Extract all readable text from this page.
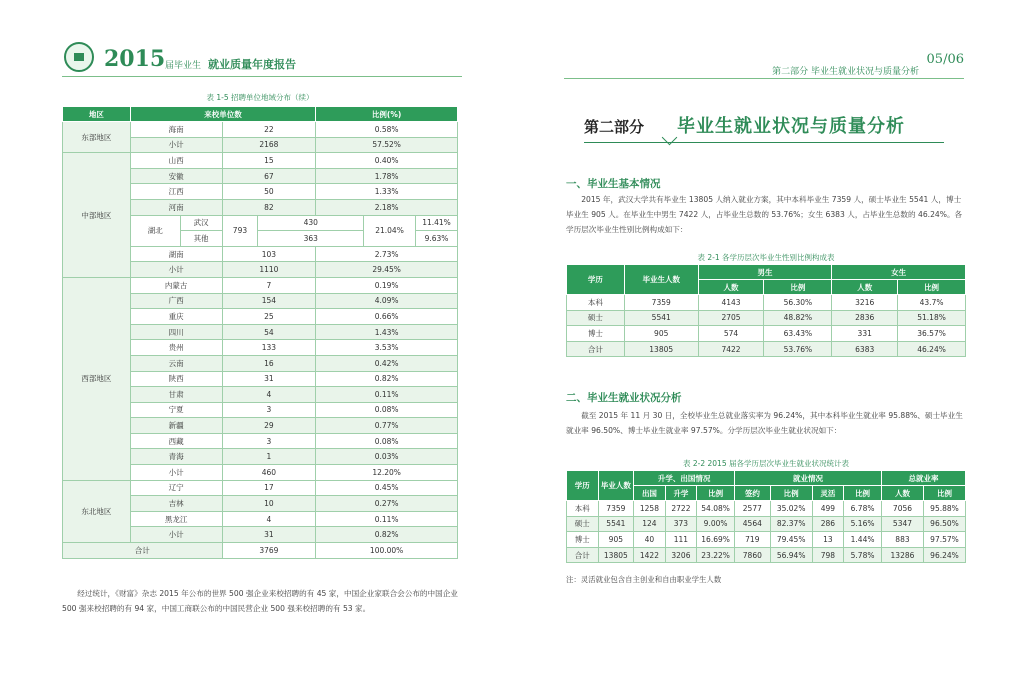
2015 届毕业生 就业质量年度报告
表 1-5 招聘单位地域分布（续）
地区	来校单位数				比例(%)		
东部地区	海南		22		0.58%		
	小计		2168		57.52%		
中部地区	山西		15		0.40%		
	安徽		67		1.78%		
	江西		50		1.33%		
	河南		82		2.18%		
	湖北	武汉	793	430		21.04%	11.41%
		其他		363			9.63%
	湖南		103		2.73%		
	小计		1110		29.45%		
西部地区	内蒙古		7		0.19%		
	广西		154		4.09%		
	重庆		25		0.66%		
	四川		54		1.43%		
	贵州		133		3.53%		
	云南		16		0.42%		
	陕西		31		0.82%		
	甘肃		4		0.11%		
	宁夏		3		0.08%		
	新疆		29		0.77%		
	西藏		3		0.08%		
	青海		1		0.03%		
	小计		460		12.20%		
东北地区	辽宁		17		0.45%		
	吉林		10		0.27%		
	黑龙江		4		0.11%		
	小计		31		0.82%		
合计			3769		100.00%		
经过统计，《财富》杂志 2015 年公布的世界 500 强企业来校招聘的有 45 家，中国企业家联合会公布的中国企业 500 强来校招聘的有 94 家，中国工商联公布的中国民营企业 500 强来校招聘的有 53 家。
第二部分 毕业生就业状况与质量分析
05/06
第二部分 毕业生就业状况与质量分析
一、毕业生基本情况
2015 年，武汉大学共有毕业生 13805 人纳入就业方案，其中本科毕业生 7359 人，硕士毕业生 5541 人，博士毕业生 905 人。在毕业生中男生 7422 人，占毕业生总数的 53.76%；女生 6383 人，占毕业生总数的 46.24%。各学历层次毕业生性别比例构成如下：
表 2-1 各学历层次毕业生性别比例构成表
学历	毕业生人数	男生		女生	
		人数	比例	人数	比例
本科	7359	4143	56.30%	3216	43.7%
硕士	5541	2705	48.82%	2836	51.18%
博士	905	574	63.43%	331	36.57%
合计	13805	7422	53.76%	6383	46.24%
二、毕业生就业状况分析
截至 2015 年 11 月 30 日，全校毕业生总就业落实率为 96.24%，其中本科毕业生就业率 95.88%、硕士毕业生就业率 96.50%、博士毕业生就业率 97.57%。分学历层次毕业生就业状况如下：
表 2-2 2015 届各学历层次毕业生就业状况统计表
学历	毕业人数	升学、出国情况			就业情况				总就业率	
		出国	升学	比例	签约	比例	灵活	比例	人数	比例
本科	7359	1258	2722	54.08%	2577	35.02%	499	6.78%	7056	95.88%
硕士	5541	124	373	9.00%	4564	82.37%	286	5.16%	5347	96.50%
博士	905	40	111	16.69%	719	79.45%	13	1.44%	883	97.57%
合计	13805	1422	3206	23.22%	7860	56.94%	798	5.78%	13286	96.24%
注：灵活就业包含自主创业和自由职业学生人数
